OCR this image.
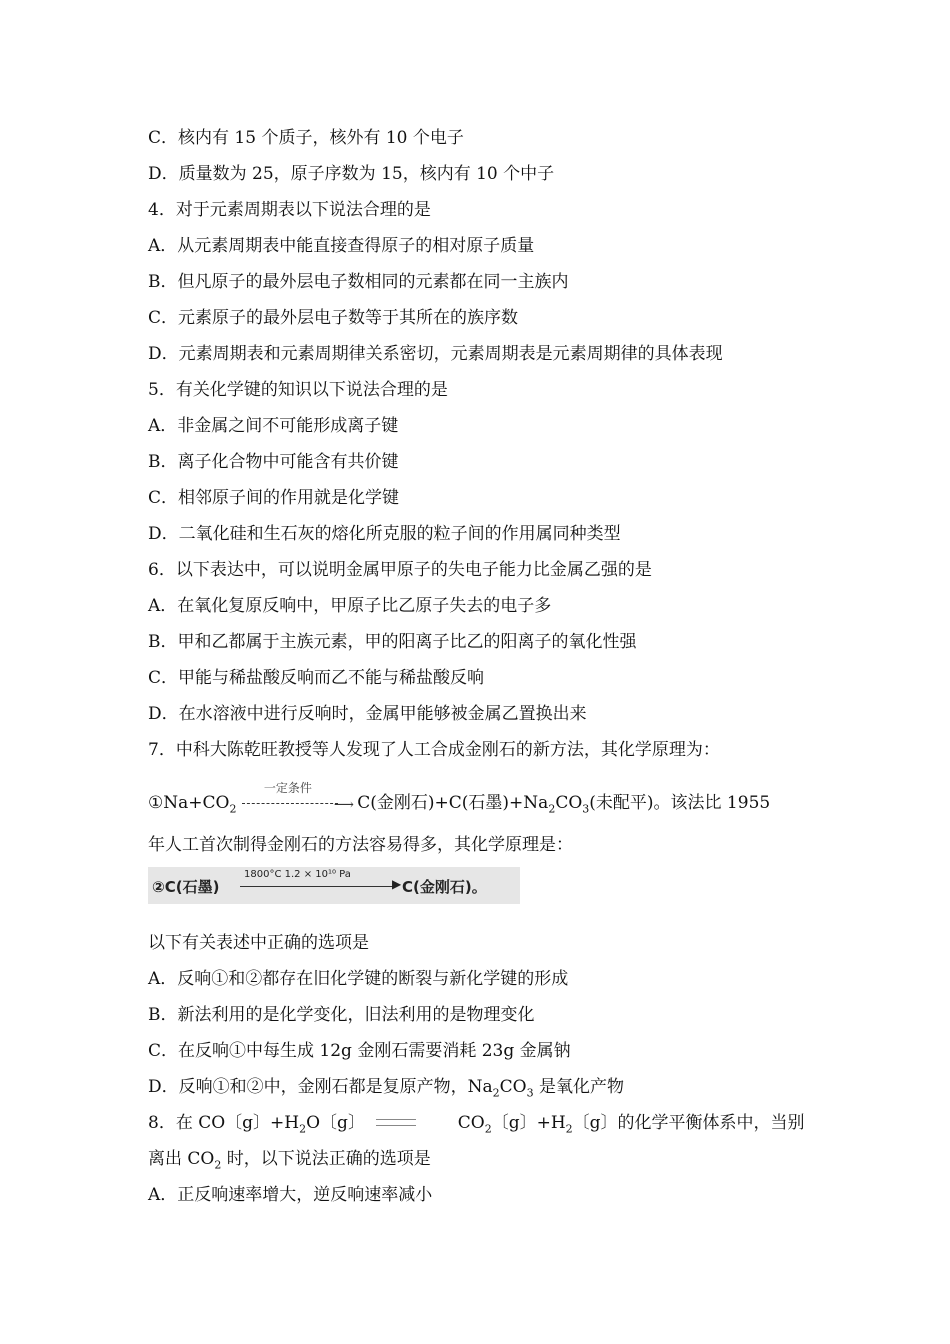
C．核内有 15 个质子，核外有 10 个电子
D．质量数为 25，原子序数为 15，核内有 10 个中子
4．对于元素周期表以下说法合理的是
A．从元素周期表中能直接查得原子的相对原子质量
B．但凡原子的最外层电子数相同的元素都在同一主族内
C．元素原子的最外层电子数等于其所在的族序数
D．元素周期表和元素周期律关系密切，元素周期表是元素周期律的具体表现
5．有关化学键的知识以下说法合理的是
A．非金属之间不可能形成离子键
B．离子化合物中可能含有共价键
C．相邻原子间的作用就是化学键
D．二氧化硅和生石灰的熔化所克服的粒子间的作用属同种类型
6．以下表达中，可以说明金属甲原子的失电子能力比金属乙强的是
A．在氧化复原反响中，甲原子比乙原子失去的电子多
B．甲和乙都属于主族元素，甲的阳离子比乙的阳离子的氧化性强
C．甲能与稀盐酸反响而乙不能与稀盐酸反响
D．在水溶液中进行反响时，金属甲能够被金属乙置换出来
7．中科大陈乾旺教授等人发现了人工合成金刚石的新方法，其化学原理为：
$①Na+CO_2$
一定条件
⟶ C(金刚石)+C(石墨)$+Na_2CO_3$(未配平)。该法比 1955
年人工首次制得金刚石的方法容易得多，其化学原理是：
②C(石墨)
1800°C 1.2 × 10¹⁰ Pa
▶ C(金刚石)。
以下有关表述中正确的选项是
A．反响①和②都存在旧化学键的断裂与新化学键的形成
B．新法利用的是化学变化，旧法利用的是物理变化
C．在反响①中每生成 12g 金刚石需要消耗 23g 金属钠
D．反响①和②中，金刚石都是复原产物，$Na_2CO_3$ 是氧化产物
8．在 CO〔g〕$+H_2O$〔g〕	$CO_2$〔g〕$+H_2$〔g〕的化学平衡体系中，当别
离出 $CO_2$ 时，以下说法正确的选项是
A．正反响速率增大，逆反响速率减小
